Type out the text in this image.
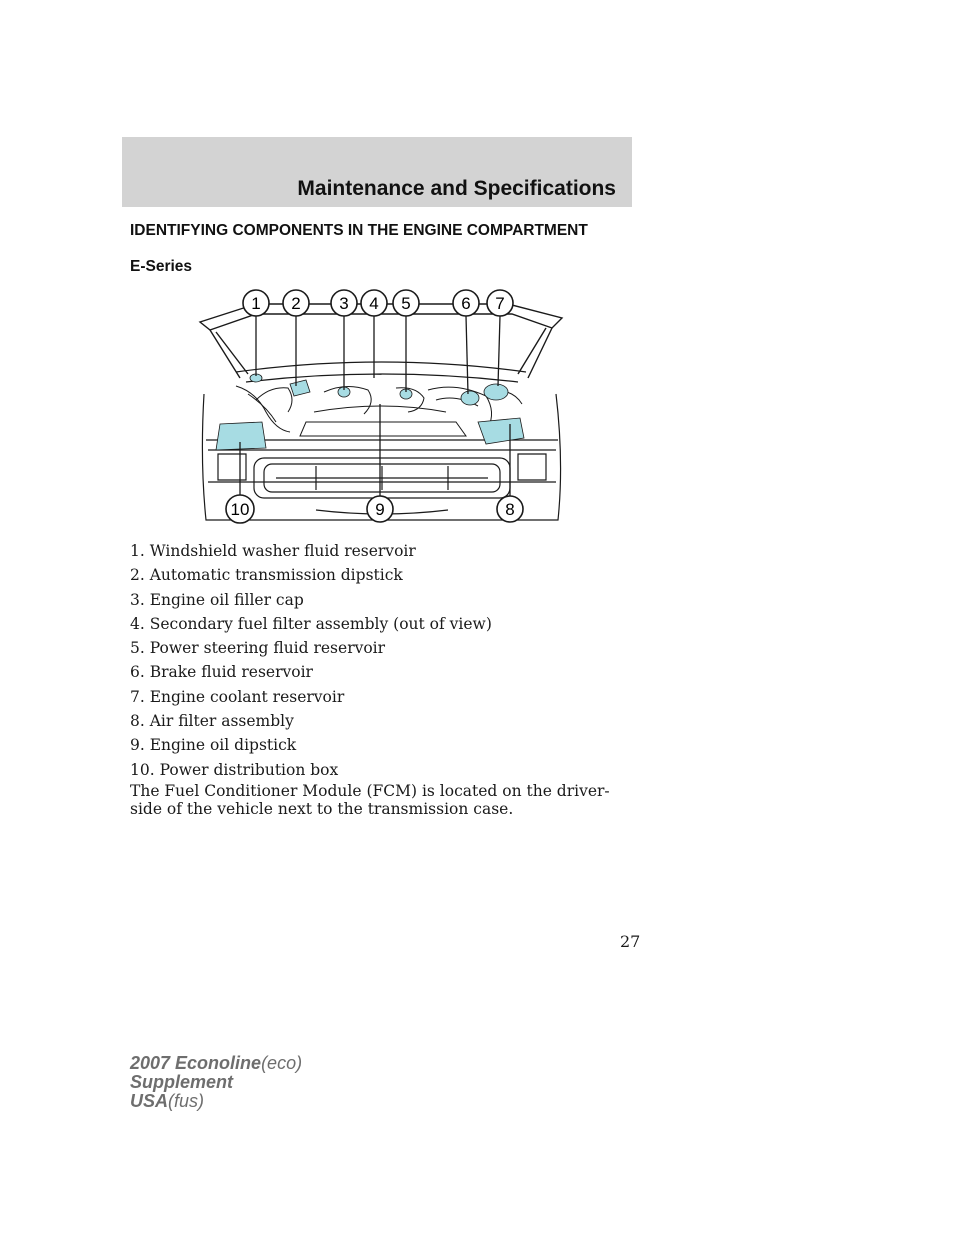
Maintenance and Specifications
IDENTIFYING COMPONENTS IN THE ENGINE COMPARTMENT
E-Series
1 2 3 4 5	6 7
8
9
10
1. Windshield washer fluid reservoir
2. Automatic transmission dipstick
3. Engine oil filler cap
4. Secondary fuel filter assembly (out of view)
5. Power steering fluid reservoir
6. Brake fluid reservoir
7. Engine coolant reservoir
8. Air filter assembly
9. Engine oil dipstick
10. Power distribution box
The Fuel Conditioner Module (FCM) is located on the driver-side of the vehicle next to the transmission case.
27
2007 Econoline(eco)
Supplement
USA(fus)
